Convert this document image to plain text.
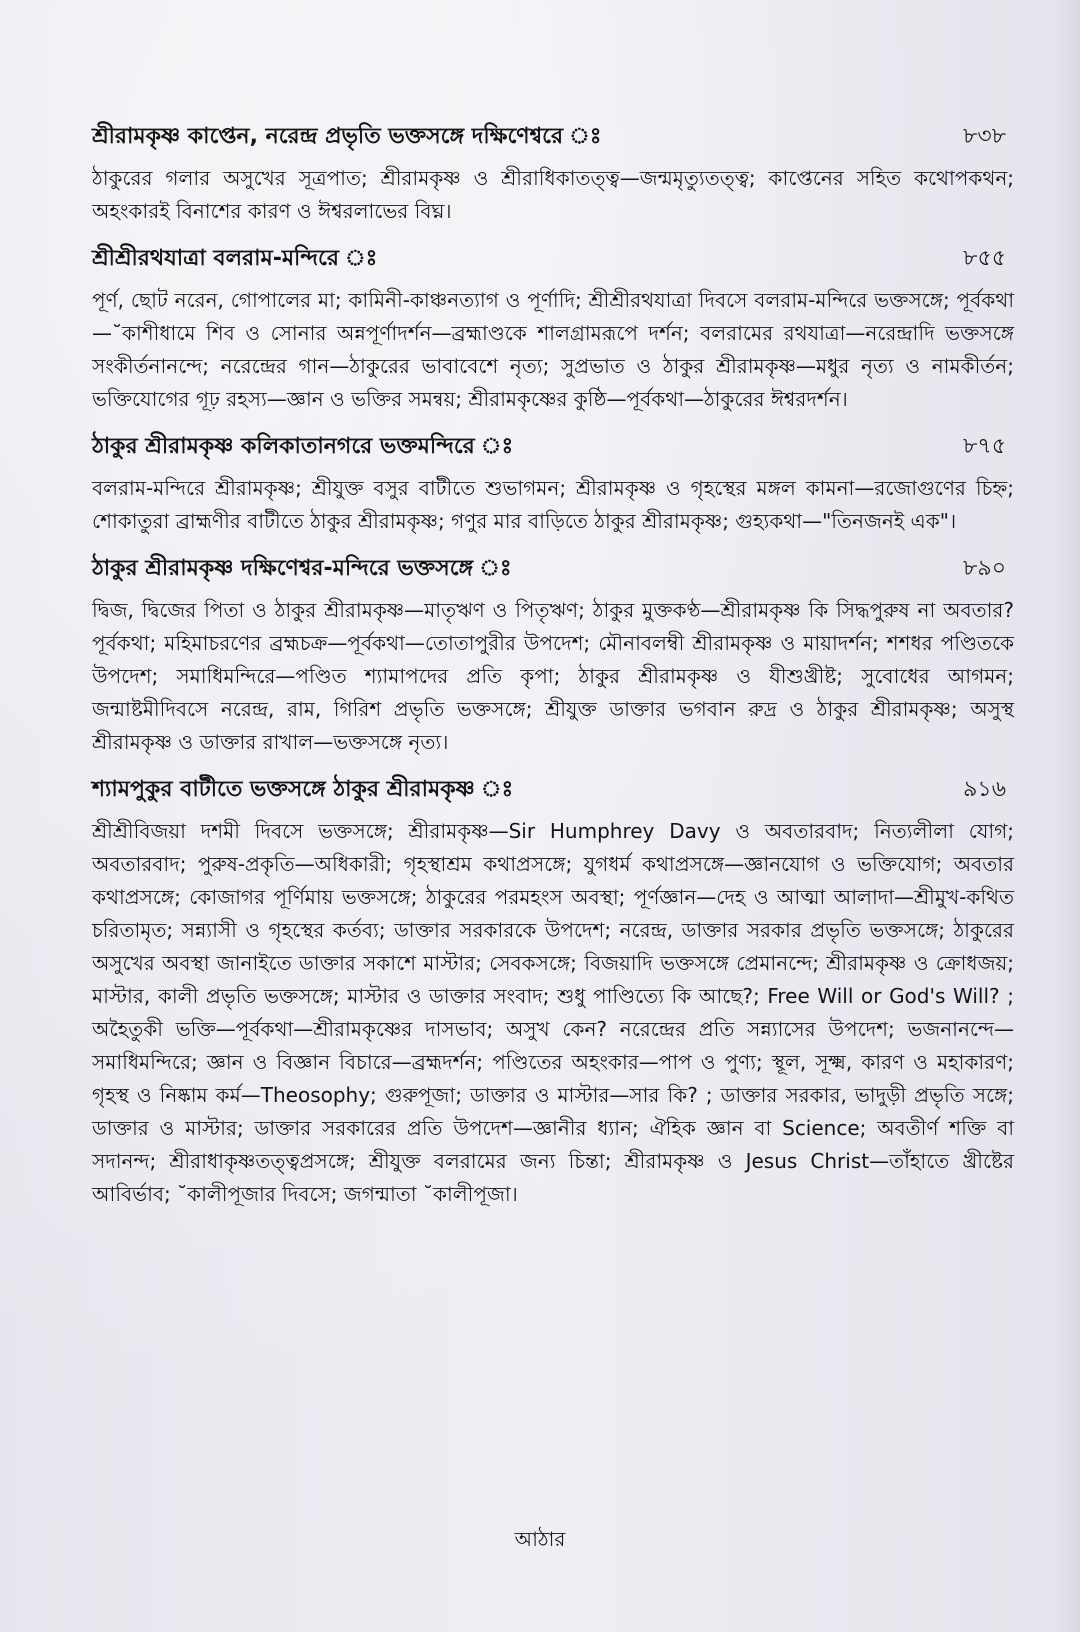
শ্রীরামকৃষ্ণ কাপ্তেন, নরেন্দ্র প্রভৃতি ভক্তসঙ্গে দক্ষিণেশ্বরে ঃ	৮৩৮

ঠাকুরের গলার অসুখের সূত্রপাত; শ্রীরামকৃষ্ণ ও শ্রীরাধিকাতত্ত্ব—জন্মমৃত্যুতত্ত্ব; কাপ্তেনের সহিত কথোপকথন; অহংকারই বিনাশের কারণ ও ঈশ্বরলাভের বিঘ্ন।

শ্রীশ্রীরথযাত্রা বলরাম-মন্দিরে ঃ	৮৫৫

পূর্ণ, ছোট নরেন, গোপালের মা; কামিনী-কাঞ্চনত্যাগ ও পূর্ণাদি; শ্রীশ্রীরথযাত্রা দিবসে বলরাম-মন্দিরে ভক্তসঙ্গে; পূর্বকথা—˘কাশীধামে শিব ও সোনার অন্নপূর্ণাদর্শন—ব্রহ্মাণ্ডকে শালগ্রামরূপে দর্শন; বলরামের রথযাত্রা—নরেন্দ্রাদি ভক্তসঙ্গে সংকীর্তনানন্দে; নরেন্দ্রের গান—ঠাকুরের ভাবাবেশে নৃত্য; সুপ্রভাত ও ঠাকুর শ্রীরামকৃষ্ণ—মধুর নৃত্য ও নামকীর্তন; ভক্তিযোগের গূঢ় রহস্য—জ্ঞান ও ভক্তির সমন্বয়; শ্রীরামকৃষ্ণের কুষ্ঠি—পূর্বকথা—ঠাকুরের ঈশ্বরদর্শন।

ঠাকুর শ্রীরামকৃষ্ণ কলিকাতানগরে ভক্তমন্দিরে ঃ	৮৭৫

বলরাম-মন্দিরে শ্রীরামকৃষ্ণ; শ্রীযুক্ত বসুর বাটীতে শুভাগমন; শ্রীরামকৃষ্ণ ও গৃহস্থের মঙ্গল কামনা—রজোগুণের চিহ্ন; শোকাতুরা ব্রাহ্মণীর বাটীতে ঠাকুর শ্রীরামকৃষ্ণ; গণুর মার বাড়িতে ঠাকুর শ্রীরামকৃষ্ণ; গুহ্যকথা—"তিনজনই এক"।

ঠাকুর শ্রীরামকৃষ্ণ দক্ষিণেশ্বর-মন্দিরে ভক্তসঙ্গে ঃ	৮৯০

দ্বিজ, দ্বিজের পিতা ও ঠাকুর শ্রীরামকৃষ্ণ—মাতৃঋণ ও পিতৃঋণ; ঠাকুর মুক্তকণ্ঠ—শ্রীরামকৃষ্ণ কি সিদ্ধপুরুষ না অবতার? পূর্বকথা; মহিমাচরণের ব্রহ্মচক্র—পূর্বকথা—তোতাপুরীর উপদেশ; মৌনাবলম্বী শ্রীরামকৃষ্ণ ও মায়াদর্শন; শশধর পণ্ডিতকে উপদেশ; সমাধিমন্দিরে—পণ্ডিত শ্যামাপদের প্রতি কৃপা; ঠাকুর শ্রীরামকৃষ্ণ ও যীশুখ্রীষ্ট; সুবোধের আগমন; জন্মাষ্টমীদিবসে নরেন্দ্র, রাম, গিরিশ প্রভৃতি ভক্তসঙ্গে; শ্রীযুক্ত ডাক্তার ভগবান রুদ্র ও ঠাকুর শ্রীরামকৃষ্ণ; অসুস্থ শ্রীরামকৃষ্ণ ও ডাক্তার রাখাল—ভক্তসঙ্গে নৃত্য।

শ্যামপুকুর বাটীতে ভক্তসঙ্গে ঠাকুর শ্রীরামকৃষ্ণ ঃ	৯১৬

শ্রীশ্রীবিজয়া দশমী দিবসে ভক্তসঙ্গে; শ্রীরামকৃষ্ণ—Sir Humphrey Davy ও অবতারবাদ; নিত্যলীলা যোগ; অবতারবাদ; পুরুষ-প্রকৃতি—অধিকারী; গৃহস্থাশ্রম কথাপ্রসঙ্গে; যুগধর্ম কথাপ্রসঙ্গে—জ্ঞানযোগ ও ভক্তিযোগ; অবতার কথাপ্রসঙ্গে; কোজাগর পূর্ণিমায় ভক্তসঙ্গে; ঠাকুরের পরমহংস অবস্থা; পূর্ণজ্ঞান—দেহ ও আত্মা আলাদা—শ্রীমুখ-কথিত চরিতামৃত; সন্ন্যাসী ও গৃহস্থের কর্তব্য; ডাক্তার সরকারকে উপদেশ; নরেন্দ্র, ডাক্তার সরকার প্রভৃতি ভক্তসঙ্গে; ঠাকুরের অসুখের অবস্থা জানাইতে ডাক্তার সকাশে মাস্টার; সেবকসঙ্গে; বিজয়াদি ভক্তসঙ্গে প্রেমানন্দে; শ্রীরামকৃষ্ণ ও ক্রোধজয়; মাস্টার, কালী প্রভৃতি ভক্তসঙ্গে; মাস্টার ও ডাক্তার সংবাদ; শুধু পাণ্ডিত্যে কি আছে?; Free Will or God's Will? ; অহৈতুকী ভক্তি—পূর্বকথা—শ্রীরামকৃষ্ণের দাসভাব; অসুখ কেন? নরেন্দ্রের প্রতি সন্ন্যাসের উপদেশ; ভজনানন্দে—সমাধিমন্দিরে; জ্ঞান ও বিজ্ঞান বিচারে—ব্রহ্মদর্শন; পণ্ডিতের অহংকার—পাপ ও পুণ্য; স্থূল, সূক্ষ্ম, কারণ ও মহাকারণ; গৃহস্থ ও নিষ্কাম কর্ম—Theosophy; গুরুপূজা; ডাক্তার ও মাস্টার—সার কি? ; ডাক্তার সরকার, ভাদুড়ী প্রভৃতি সঙ্গে; ডাক্তার ও মাস্টার; ডাক্তার সরকারের প্রতি উপদেশ—জ্ঞানীর ধ্যান; ঐহিক জ্ঞান বা Science; অবতীর্ণ শক্তি বা সদানন্দ; শ্রীরাধাকৃষ্ণতত্ত্বপ্রসঙ্গে; শ্রীযুক্ত বলরামের জন্য চিন্তা; শ্রীরামকৃষ্ণ ও Jesus Christ—তাঁহাতে খ্রীষ্টের আবির্ভাব; ˘কালীপূজার দিবসে; জগন্মাতা ˘কালীপূজা।

আঠার
